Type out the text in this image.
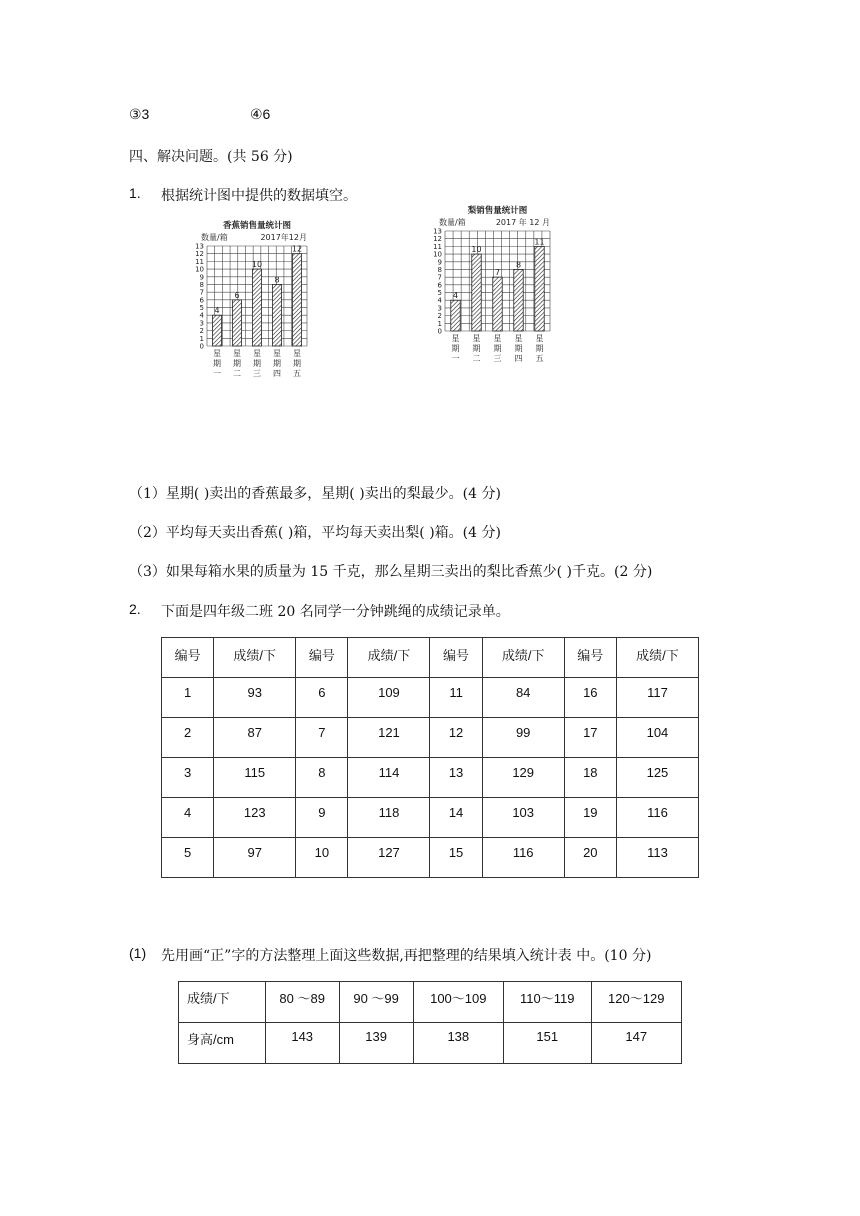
③3	④6
四、解决问题。(共 56 分)
1. 根据统计图中提供的数据填空。
香蕉销售量统计图
数量/箱	2017年12月
0
1
2
3
4
5
6
7
8
9
10
11
12
13
4
星期一
6
星期二
10
星期三
8
星期四
12
星期五
梨销售量统计图
数量/箱	2017 年 12 月
0
1
2
3
4
5
6
7
8
9
10
11
12
13
4
星期一
10
星期二
7
星期三
8
星期四
11
星期五
（1）星期( )卖出的香蕉最多，星期( )卖出的梨最少。(4 分)
（2）平均每天卖出香蕉( )箱，平均每天卖出梨( )箱。(4 分)
（3）如果每箱水果的质量为 15 千克，那么星期三卖出的梨比香蕉少( )千克。(2 分)
2. 下面是四年级二班 20 名同学一分钟跳绳的成绩记录单。
编号	成绩/下	编号	成绩/下	编号	成绩/下	编号	成绩/下
1	93	6	109	11	84	16	117
2	87	7	121	12	99	17	104
3	115	8	114	13	129	18	125
4	123	9	118	14	103	19	116
5	97	10	127	15	116	20	113
(1) 先用画“正”字的方法整理上面这些数据,再把整理的结果填入统计表 中。(10 分)
成绩/下	80 ～89	90 ～99	100～109	110～119	120～129
身高/cm	143	139	138	151	147
